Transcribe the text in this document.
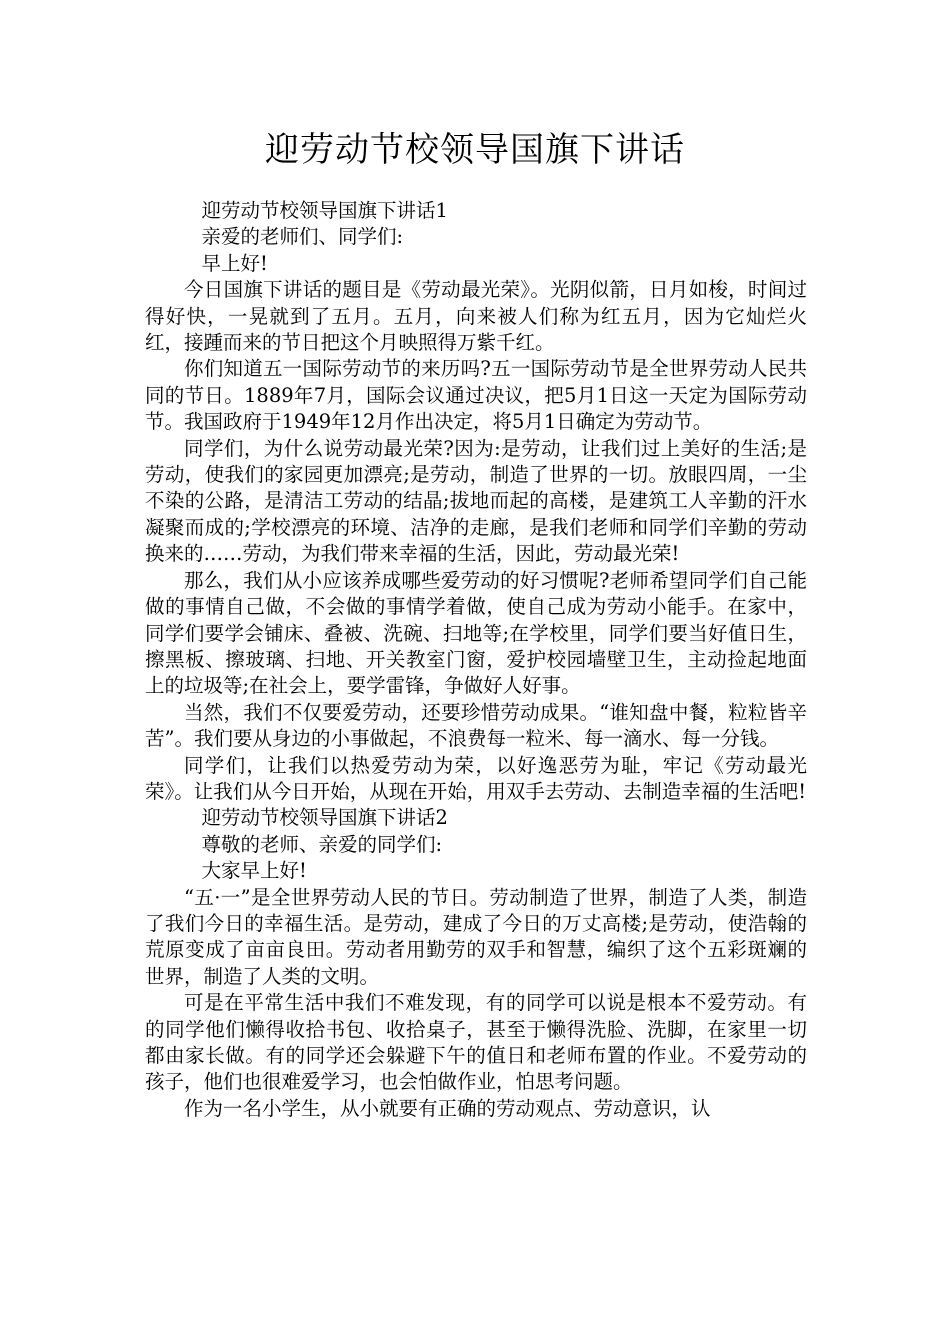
迎劳动节校领导国旗下讲话

迎劳动节校领导国旗下讲话1

亲爱的老师们、同学们:

早上好!

今日国旗下讲话的题目是《劳动最光荣》。光阴似箭，日月如梭，时间过得好快，一晃就到了五月。五月，向来被人们称为红五月，因为它灿烂火红，接踵而来的节日把这个月映照得万紫千红。

你们知道五一国际劳动节的来历吗?五一国际劳动节是全世界劳动人民共同的节日。1889年7月，国际会议通过决议，把5月1日这一天定为国际劳动节。我国政府于1949年12月作出决定，将5月1日确定为劳动节。

同学们，为什么说劳动最光荣?因为:是劳动，让我们过上美好的生活;是劳动，使我们的家园更加漂亮;是劳动，制造了世界的一切。放眼四周，一尘不染的公路，是清洁工劳动的结晶;拔地而起的高楼，是建筑工人辛勤的汗水凝聚而成的;学校漂亮的环境、洁净的走廊，是我们老师和同学们辛勤的劳动换来的……劳动，为我们带来幸福的生活，因此，劳动最光荣!

那么，我们从小应该养成哪些爱劳动的好习惯呢?老师希望同学们自己能做的事情自己做，不会做的事情学着做，使自己成为劳动小能手。在家中，同学们要学会铺床、叠被、洗碗、扫地等;在学校里，同学们要当好值日生，擦黑板、擦玻璃、扫地、开关教室门窗，爱护校园墙壁卫生，主动捡起地面上的垃圾等;在社会上，要学雷锋，争做好人好事。

当然，我们不仅要爱劳动，还要珍惜劳动成果。“谁知盘中餐，粒粒皆辛苦”。我们要从身边的小事做起，不浪费每一粒米、每一滴水、每一分钱。

同学们，让我们以热爱劳动为荣，以好逸恶劳为耻，牢记《劳动最光荣》。让我们从今日开始，从现在开始，用双手去劳动、去制造幸福的生活吧!

迎劳动节校领导国旗下讲话2

尊敬的老师、亲爱的同学们:

大家早上好!

“五·一”是全世界劳动人民的节日。劳动制造了世界，制造了人类，制造了我们今日的幸福生活。是劳动，建成了今日的万丈高楼;是劳动，使浩翰的荒原变成了亩亩良田。劳动者用勤劳的双手和智慧，编织了这个五彩斑斓的世界，制造了人类的文明。

可是在平常生活中我们不难发现，有的同学可以说是根本不爱劳动。有的同学他们懒得收拾书包、收拾桌子，甚至于懒得洗脸、洗脚，在家里一切都由家长做。有的同学还会躲避下午的值日和老师布置的作业。不爱劳动的孩子，他们也很难爱学习，也会怕做作业，怕思考问题。

作为一名小学生，从小就要有正确的劳动观点、劳动意识，认
